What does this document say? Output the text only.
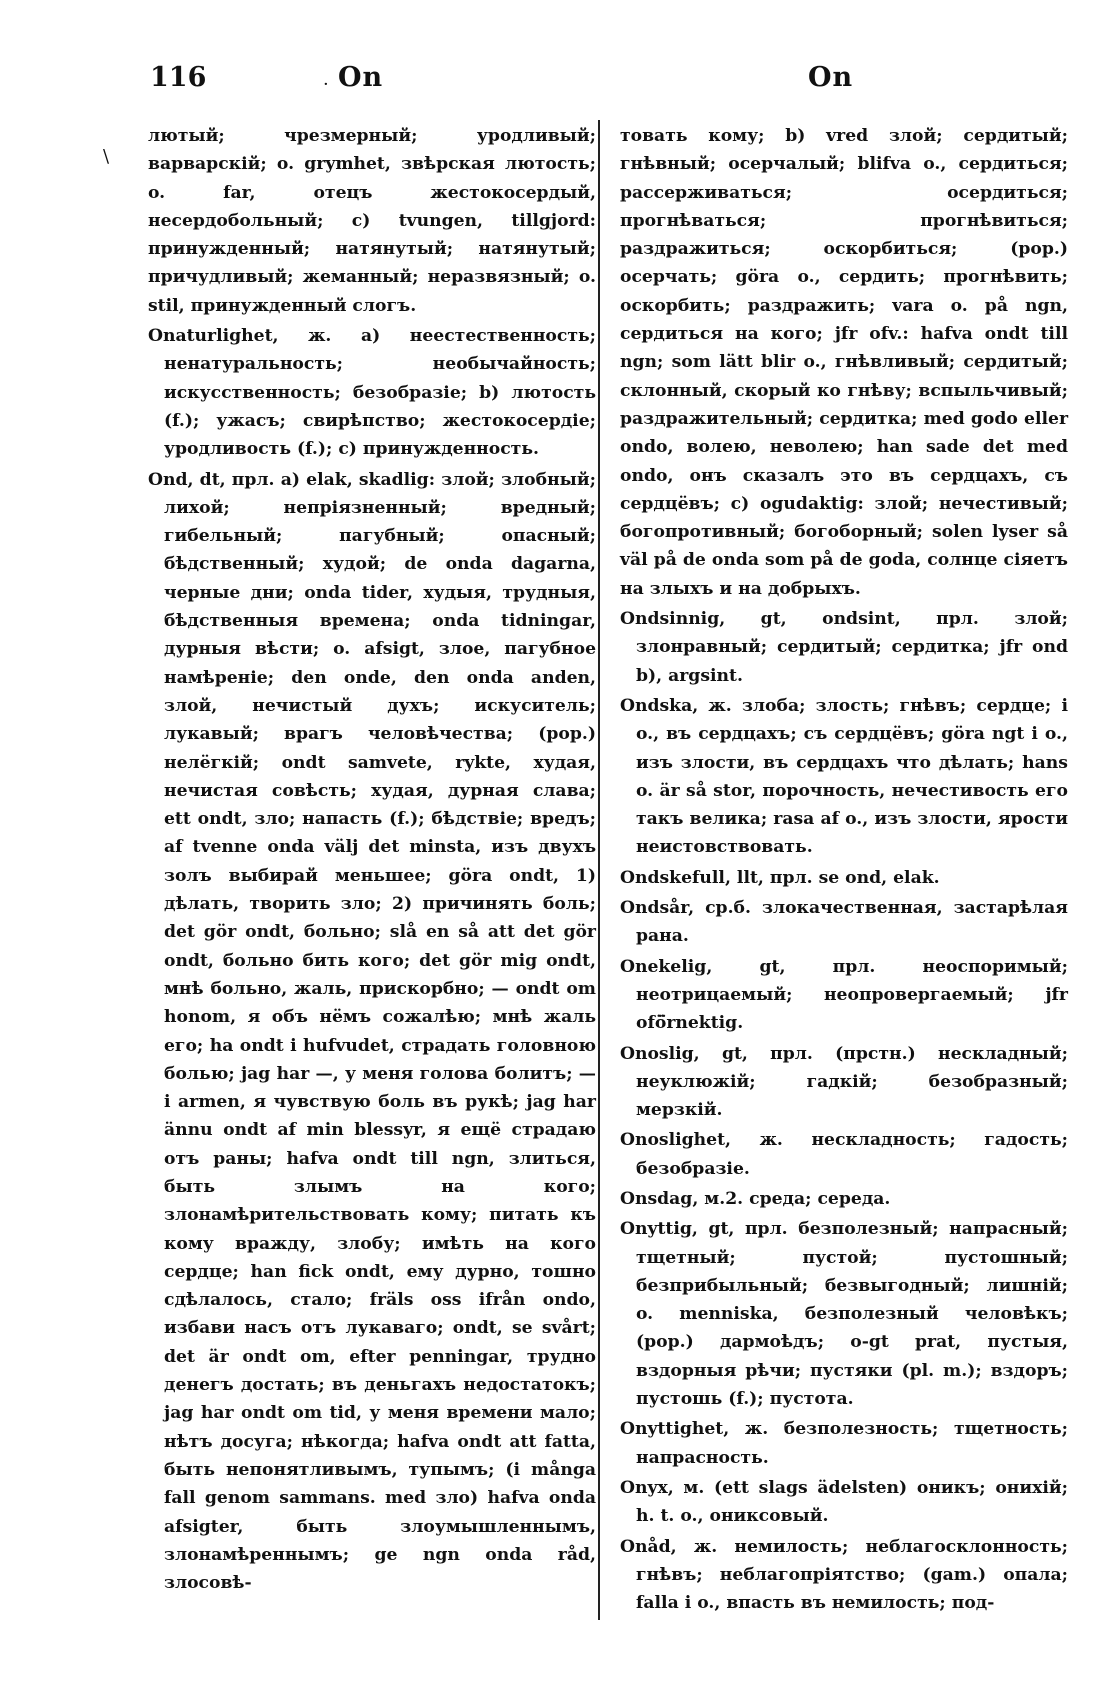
116	· On	On
\

лютый; чрезмерный; уродливый; варварскій; o. grymhet, звѣрская лютость; o. far, отецъ жестокосердый, несердобольный; c) tvungen, tillgjord: принужденный; натянутый; натянутый; причудливый; жеманный; неразвязный; o. stil, принужденный слогъ.

Onaturlighet, ж. a) неестественность; ненатуральность; необычайность; искусственность; безобразіе; b) лютость (f.); ужасъ; свирѣпство; жестокосердіе; уродливость (f.); c) принужденность.

Ond, dt, прл. a) elak, skadlig: злой; злобный; лихой; непріязненный; вредный; гибельный; пагубный; опасный; бѣдственный; худой; de onda dagarna, черные дни; onda tider, худыя, трудныя, бѣдственныя времена; onda tidningar, дурныя вѣсти; o. afsigt, злое, пагубное намѣреніе; den onde, den onda anden, злой, нечистый духъ; искуситель; лукавый; врагъ человѣчества; (рор.) нелёгкій; ondt samvete, rykte, худая, нечистая совѣсть; худая, дурная слава; ett ondt, зло; напасть (f.); бѣдствіе; вредъ; af tvenne onda välj det minsta, изъ двухъ золъ выбирай меньшее; göra ondt, 1) дѣлать, творить зло; 2) причинять боль; det gör ondt, больно; slå en så att det gör ondt, больно бить кого; det gör mig ondt, мнѣ больно, жаль, прискорбно; — ondt om honom, я объ нёмъ сожалѣю; мнѣ жаль его; ha ondt i hufvudet, страдать головною болью; jag har —, у меня голова болитъ; — i armen, я чувствую боль въ рукѣ; jag har ännu ondt af min blessyr, я ещё страдаю отъ раны; hafva ondt till ngn, злиться, быть злымъ на кого; злонамѣрительствовать кому; питать къ кому вражду, злобу; имѣть на кого сердце; han fick ondt, ему дурно, тошно сдѣлалось, стало; fräls oss ifrån ondo, избави насъ отъ лукаваго; ondt, se svårt; det är ondt om, efter penningar, трудно денегъ достать; въ деньгахъ недостатокъ; jag har ondt om tid, у меня времени мало; нѣтъ досуга; нѣкогда; hafva ondt att fatta, быть непонятливымъ, тупымъ; (i många fall genom sammans. med зло) hafva onda afsigter, быть злоумышленнымъ, злонамѣреннымъ; ge ngn onda råd, злосовѣ-

товать кому; b) vred злой; сердитый; гнѣвный; осерчалый; blifva o., сердиться; рассерживаться; осердиться; прогнѣваться; прогнѣвиться; раздражиться; оскорбиться; (рор.) осерчать; göra o., сердить; прогнѣвить; оскорбить; раздражить; vara o. på ngn, сердиться на кого; jfr ofv.: hafva ondt till ngn; som lätt blir o., гнѣвливый; сердитый; склонный, скорый ко гнѣву; вспыльчивый; раздражительный; сердитка; med godo eller ondo, волею, неволею; han sade det med ondo, онъ сказалъ это въ сердцахъ, съ сердцёвъ; c) ogudaktig: злой; нечестивый; богопротивный; богоборный; solen lyser så väl på de onda som på de goda, солнце сіяетъ на злыхъ и на добрыхъ.

Ondsinnig, gt, ondsint, прл. злой; злонравный; сердитый; сердитка; jfr ond b), argsint.

Ondska, ж. злоба; злость; гнѣвъ; сердце; i o., въ сердцахъ; съ сердцёвъ; göra ngt i o., изъ злости, въ сердцахъ что дѣлать; hans o. är så stor, порочность, нечестивость его такъ велика; rasa af o., изъ злости, ярости неистовствовать.

Ondskefull, llt, прл. se ond, elak.

Ondsår, ср.б. злокачественная, застарѣлая рана.

Onekelig, gt, прл. неоспоримый; неотрицаемый; неопровергаемый; jfr ofö̈rnektig.

Onoslig, gt, прл. (прстн.) нескладный; неуклюжій; гадкій; безобразный; мерзкій.

Onoslighet, ж. нескладность; гадость; безобразіе.

Onsdag, м.2. среда; середа.

Onyttig, gt, прл. безполезный; напрасный; тщетный; пустой; пустошный; безприбыльный; безвыгодный; лишній; o. menniska, безполезный человѣкъ; (рор.) дармоѣдъ; o-gt prat, пустыя, вздорныя рѣчи; пустяки (pl. m.); вздоръ; пустошь (f.); пустота.

Onyttighet, ж. безполезность; тщетность; напрасность.

Onyx, м. (ett slags ädelsten) оникъ; онихій; h. t. o., ониксовый.

Onåd, ж. немилость; неблагосклонность; гнѣвъ; неблагопріятство; (gam.) опала; falla i o., впасть въ немилость; под-
